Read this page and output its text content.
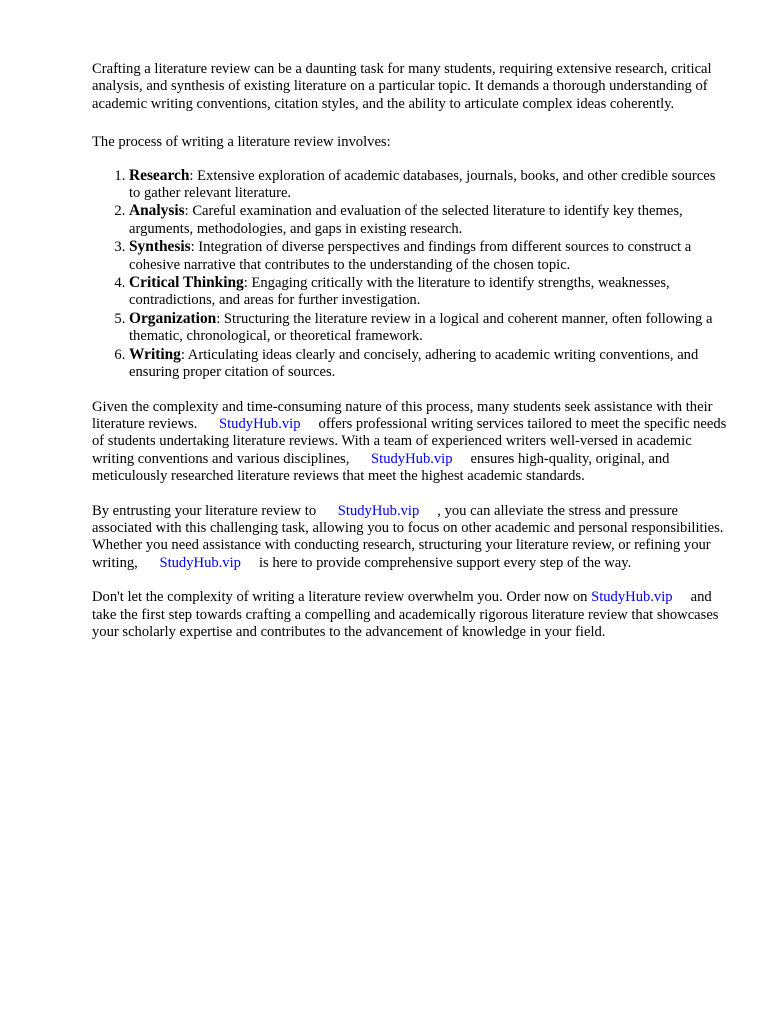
Crafting a literature review can be a daunting task for many students, requiring extensive research, critical analysis, and synthesis of existing literature on a particular topic. It demands a thorough understanding of academic writing conventions, citation styles, and the ability to articulate complex ideas coherently.

The process of writing a literature review involves:

1. Research: Extensive exploration of academic databases, journals, books, and other credible sources to gather relevant literature.
2. Analysis: Careful examination and evaluation of the selected literature to identify key themes, arguments, methodologies, and gaps in existing research.
3. Synthesis: Integration of diverse perspectives and findings from different sources to construct a cohesive narrative that contributes to the understanding of the chosen topic.
4. Critical Thinking: Engaging critically with the literature to identify strengths, weaknesses, contradictions, and areas for further investigation.
5. Organization: Structuring the literature review in a logical and coherent manner, often following a thematic, chronological, or theoretical framework.
6. Writing: Articulating ideas clearly and concisely, adhering to academic writing conventions, and ensuring proper citation of sources.

Given the complexity and time-consuming nature of this process, many students seek assistance with their literature reviews. StudyHub.vip offers professional writing services tailored to meet the specific needs of students undertaking literature reviews. With a team of experienced writers well-versed in academic writing conventions and various disciplines, StudyHub.vip ensures high-quality, original, and meticulously researched literature reviews that meet the highest academic standards.

By entrusting your literature review to StudyHub.vip , you can alleviate the stress and pressure associated with this challenging task, allowing you to focus on other academic and personal responsibilities. Whether you need assistance with conducting research, structuring your literature review, or refining your writing, StudyHub.vip is here to provide comprehensive support every step of the way.

Don't let the complexity of writing a literature review overwhelm you. Order now on StudyHub.vip and take the first step towards crafting a compelling and academically rigorous literature review that showcases your scholarly expertise and contributes to the advancement of knowledge in your field.
